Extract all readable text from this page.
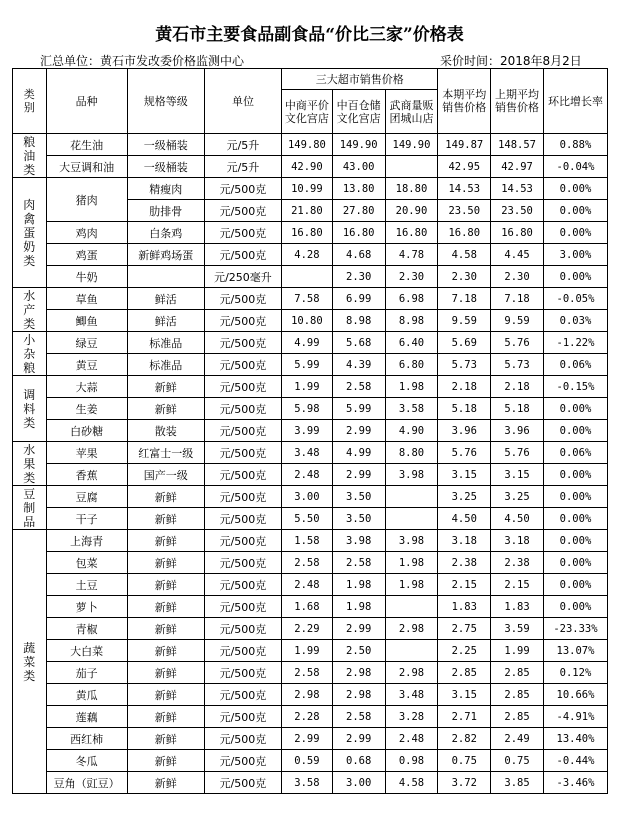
黄石市主要食品副食品“价比三家”价格表
汇总单位：黄石市发改委价格监测中心	采价时间：2018年8月2日
类别	品种	规格等级	单位	三大超市销售价格			本期平均销售价格	上期平均销售价格	环比增长率
				中商平价文化宫店	中百仓储文化宫店	武商量贩团城山店			
粮油类	花生油	一级桶装	元/5升	149.80	149.90	149.90	149.87	148.57	0.88%
	大豆调和油	一级桶装	元/5升	42.90	43.00		42.95	42.97	-0.04%
肉禽蛋奶类	猪肉	精瘦肉	元/500克	10.99	13.80	18.80	14.53	14.53	0.00%
		肋排骨	元/500克	21.80	27.80	20.90	23.50	23.50	0.00%
	鸡肉	白条鸡	元/500克	16.80	16.80	16.80	16.80	16.80	0.00%
	鸡蛋	新鲜鸡场蛋	元/500克	4.28	4.68	4.78	4.58	4.45	3.00%
	牛奶		元/250毫升		2.30	2.30	2.30	2.30	0.00%
水产类	草鱼	鲜活	元/500克	7.58	6.99	6.98	7.18	7.18	-0.05%
	鲫鱼	鲜活	元/500克	10.80	8.98	8.98	9.59	9.59	0.03%
小杂粮	绿豆	标准品	元/500克	4.99	5.68	6.40	5.69	5.76	-1.22%
	黄豆	标准品	元/500克	5.99	4.39	6.80	5.73	5.73	0.06%
调料类	大蒜	新鲜	元/500克	1.99	2.58	1.98	2.18	2.18	-0.15%
	生姜	新鲜	元/500克	5.98	5.99	3.58	5.18	5.18	0.00%
	白砂糖	散装	元/500克	3.99	2.99	4.90	3.96	3.96	0.00%
水果类	苹果	红富士一级	元/500克	3.48	4.99	8.80	5.76	5.76	0.06%
	香蕉	国产一级	元/500克	2.48	2.99	3.98	3.15	3.15	0.00%
豆制品	豆腐	新鲜	元/500克	3.00	3.50		3.25	3.25	0.00%
	干子	新鲜	元/500克	5.50	3.50		4.50	4.50	0.00%
蔬菜类	上海青	新鲜	元/500克	1.58	3.98	3.98	3.18	3.18	0.00%
	包菜	新鲜	元/500克	2.58	2.58	1.98	2.38	2.38	0.00%
	土豆	新鲜	元/500克	2.48	1.98	1.98	2.15	2.15	0.00%
	萝卜	新鲜	元/500克	1.68	1.98		1.83	1.83	0.00%
	青椒	新鲜	元/500克	2.29	2.99	2.98	2.75	3.59	-23.33%
	大白菜	新鲜	元/500克	1.99	2.50		2.25	1.99	13.07%
	茄子	新鲜	元/500克	2.58	2.98	2.98	2.85	2.85	0.12%
	黄瓜	新鲜	元/500克	2.98	2.98	3.48	3.15	2.85	10.66%
	莲藕	新鲜	元/500克	2.28	2.58	3.28	2.71	2.85	-4.91%
	西红柿	新鲜	元/500克	2.99	2.99	2.48	2.82	2.49	13.40%
	冬瓜	新鲜	元/500克	0.59	0.68	0.98	0.75	0.75	-0.44%
	豆角（豇豆）	新鲜	元/500克	3.58	3.00	4.58	3.72	3.85	-3.46%
